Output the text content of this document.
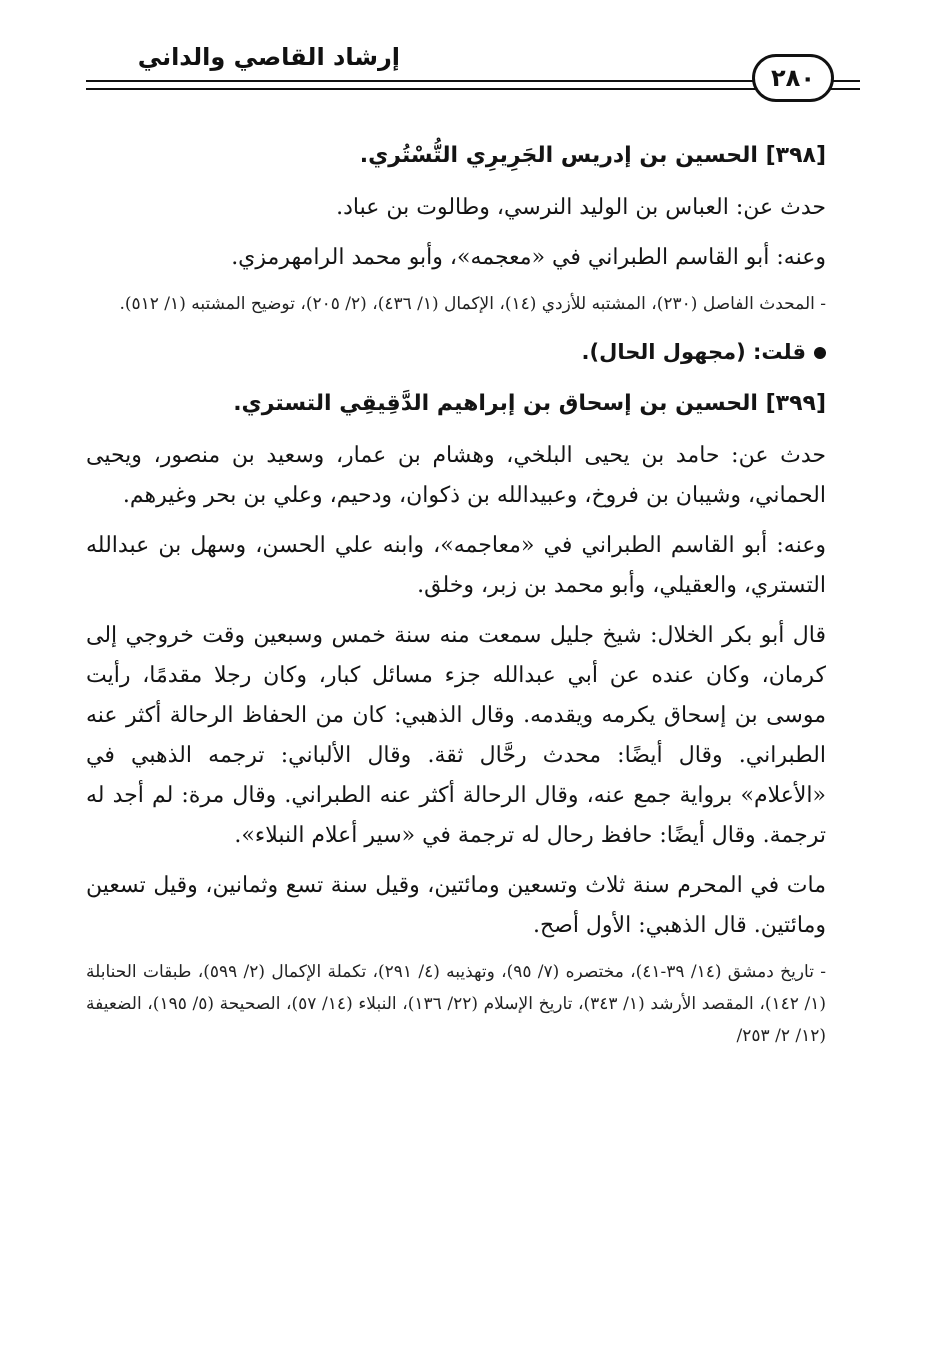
إرشاد القاصي والداني
٢٨٠

[٣٩٨] الحسين بن إدريس الجَرِيرِي التُّسْتُري.

حدث عن: العباس بن الوليد النرسي، وطالوت بن عباد.

وعنه: أبو القاسم الطبراني في «معجمه»، وأبو محمد الرامهرمزي.

- المحدث الفاصل (٢٣٠)، المشتبه للأزدي (١٤)، الإكمال (١/ ٤٣٦)، (٢/ ٢٠٥)، توضيح المشتبه (١/ ٥١٢).

قلت: (مجهول الحال).

[٣٩٩] الحسين بن إسحاق بن إبراهيم الدَّقِيقِي التستري.

حدث عن: حامد بن يحيى البلخي، وهشام بن عمار، وسعيد بن منصور، ويحيى الحماني، وشيبان بن فروخ، وعبيدالله بن ذكوان، ودحيم، وعلي بن بحر وغيرهم.

وعنه: أبو القاسم الطبراني في «معاجمه»، وابنه علي الحسن، وسهل بن عبدالله التستري، والعقيلي، وأبو محمد بن زبر، وخلق.

قال أبو بكر الخلال: شيخ جليل سمعت منه سنة خمس وسبعين وقت خروجي إلى كرمان، وكان عنده عن أبي عبدالله جزء مسائل كبار، وكان رجلا مقدمًا، رأيت موسى بن إسحاق يكرمه ويقدمه. وقال الذهبي: كان من الحفاظ الرحالة أكثر عنه الطبراني. وقال أيضًا: محدث رحَّال ثقة. وقال الألباني: ترجمه الذهبي في «الأعلام» برواية جمع عنه، وقال الرحالة أكثر عنه الطبراني. وقال مرة: لم أجد له ترجمة. وقال أيضًا: حافظ رحال له ترجمة في «سير أعلام النبلاء».

مات في المحرم سنة ثلاث وتسعين ومائتين، وقيل سنة تسع وثمانين، وقيل تسعين ومائتين. قال الذهبي: الأول أصح.

- تاريخ دمشق (١٤/ ٣٩-٤١)، مختصره (٧/ ٩٥)، وتهذيبه (٤/ ٢٩١)، تكملة الإكمال (٢/ ٥٩٩)، طبقات الحنابلة (١/ ١٤٢)، المقصد الأرشد (١/ ٣٤٣)، تاريخ الإسلام (٢٢/ ١٣٦)، النبلاء (١٤/ ٥٧)، الصحيحة (٥/ ١٩٥)، الضعيفة (١٢/ ٢/ ٢٥٣/
